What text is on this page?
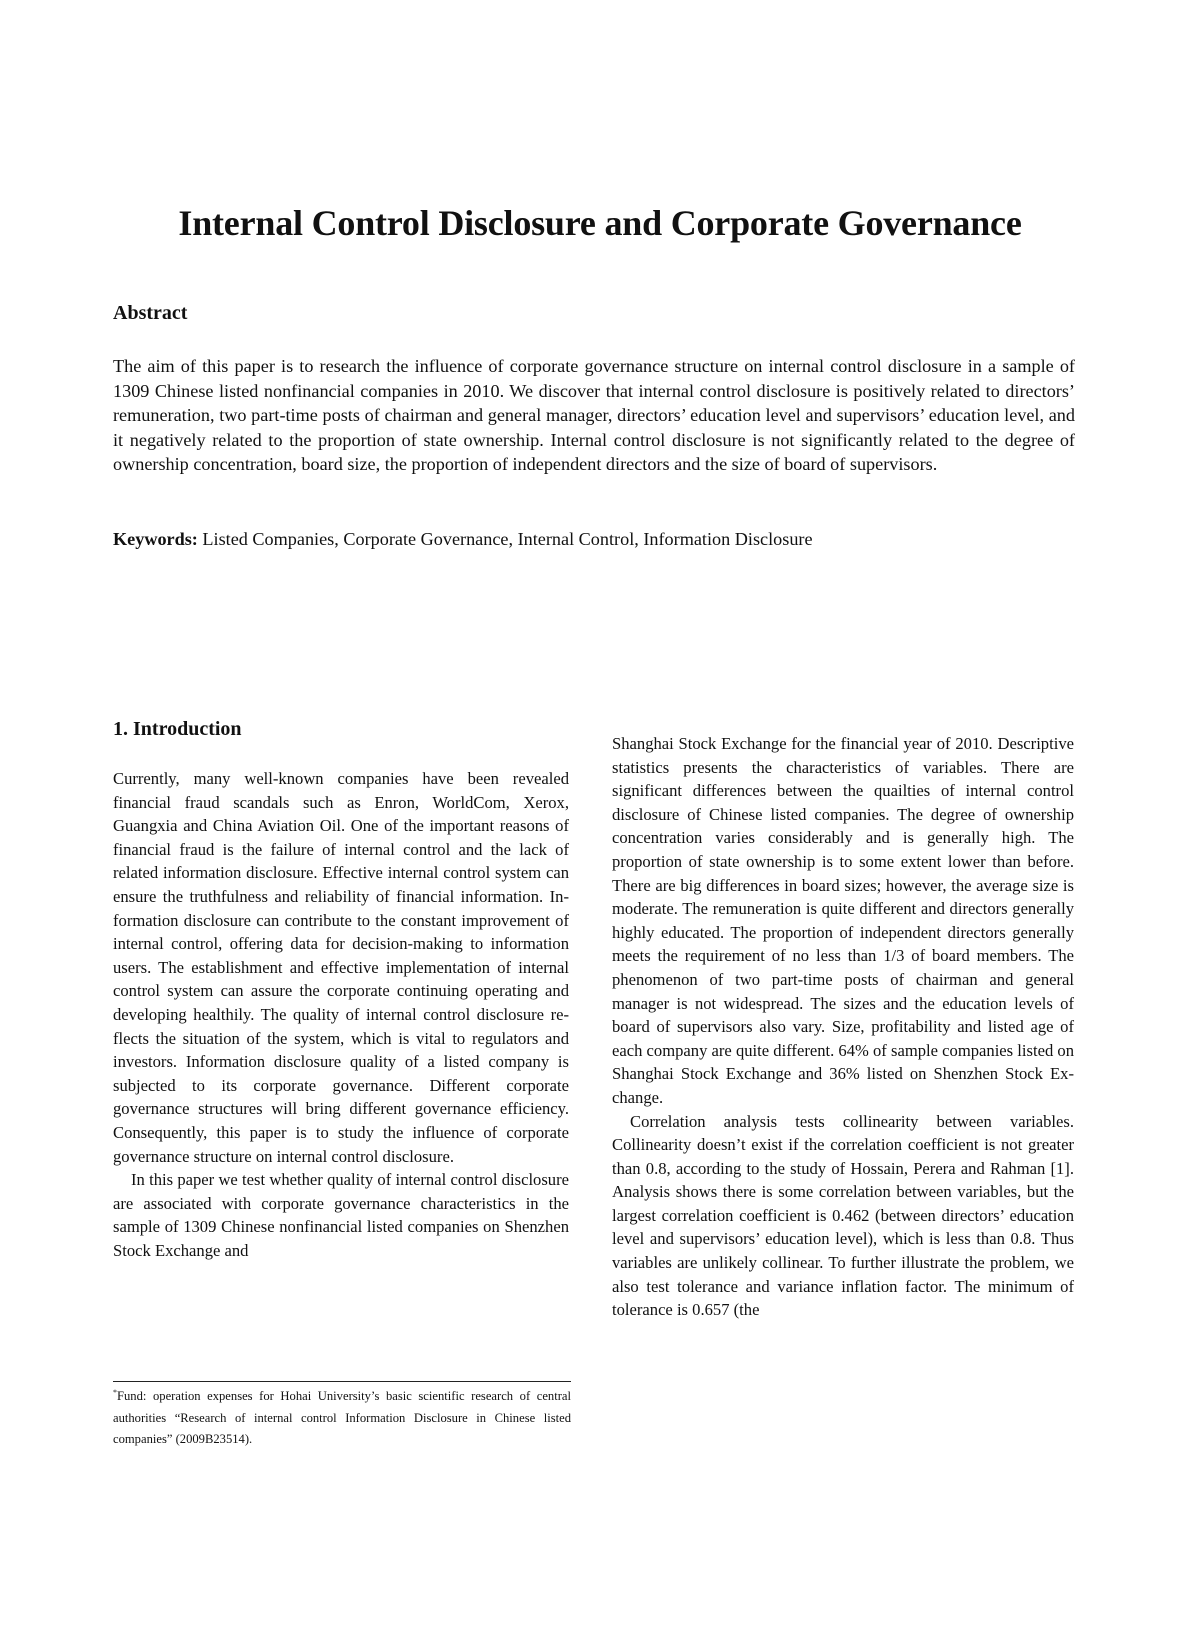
Internal Control Disclosure and Corporate Governance
Abstract

The aim of this paper is to research the influence of corporate governance structure on internal control disclosure in a sample of 1309 Chinese listed nonfinancial companies in 2010. We discover that internal control disclosure is positively related to directors’ remuneration, two part-time posts of chairman and general manager, directors’ education level and supervisors’ education level, and it negatively related to the proportion of state ownership. Internal control disclosure is not significantly related to the degree of ownership concentration, board size, the proportion of independent directors and the size of board of supervisors.

Keywords: Listed Companies, Corporate Governance, Internal Control, Information Disclosure

1. Introduction

Currently, many well-known companies have been revealed financial fraud scandals such as Enron, WorldCom, Xerox, Guangxia and China Aviation Oil. One of the important reasons of financial fraud is the failure of internal control and the lack of related information disclosure. Effective internal control system can ensure the truthfulness and reliability of financial information. Information disclosure can contribute to the constant improvement of internal control, offering data for decision-making to information users. The establishment and effective implementation of internal control system can assure the corporate continuing operating and developing healthily. The quality of internal control disclosure reflects the situation of the system, which is vital to regulators and investors. Information disclosure quality of a listed company is subjected to its corporate governance. Different corporate governance structures will bring different governance efficiency. Consequently, this paper is to study the influence of corporate governance structure on internal control disclosure.

In this paper we test whether quality of internal control disclosure are associated with corporate governance characteristics in the sample of 1309 Chinese nonfinancial listed companies on Shenzhen Stock Exchange and

*Fund: operation expenses for Hohai University’s basic scientific research of central authorities “Research of internal control Information Disclosure in Chinese listed companies” (2009B23514).

Shanghai Stock Exchange for the financial year of 2010. Descriptive statistics presents the characteristics of variables. There are significant differences between the quailties of internal control disclosure of Chinese listed companies. The degree of ownership concentration varies considerably and is generally high. The proportion of state ownership is to some extent lower than before. There are big differences in board sizes; however, the average size is moderate. The remuneration is quite different and directors generally highly educated. The proportion of independent directors generally meets the requirement of no less than 1/3 of board members. The phenomenon of two part-time posts of chairman and general manager is not widespread. The sizes and the education levels of board of supervisors also vary. Size, profitability and listed age of each company are quite different. 64% of sample companies listed on Shanghai Stock Exchange and 36% listed on Shenzhen Stock Exchange.

Correlation analysis tests collinearity between variables. Collinearity doesn’t exist if the correlation coefficient is not greater than 0.8, according to the study of Hossain, Perera and Rahman [1]. Analysis shows there is some correlation between variables, but the largest correlation coefficient is 0.462 (between directors’ education level and supervisors’ education level), which is less than 0.8. Thus variables are unlikely collinear. To further illustrate the problem, we also test tolerance and variance inflation factor. The minimum of tolerance is 0.657 (the
